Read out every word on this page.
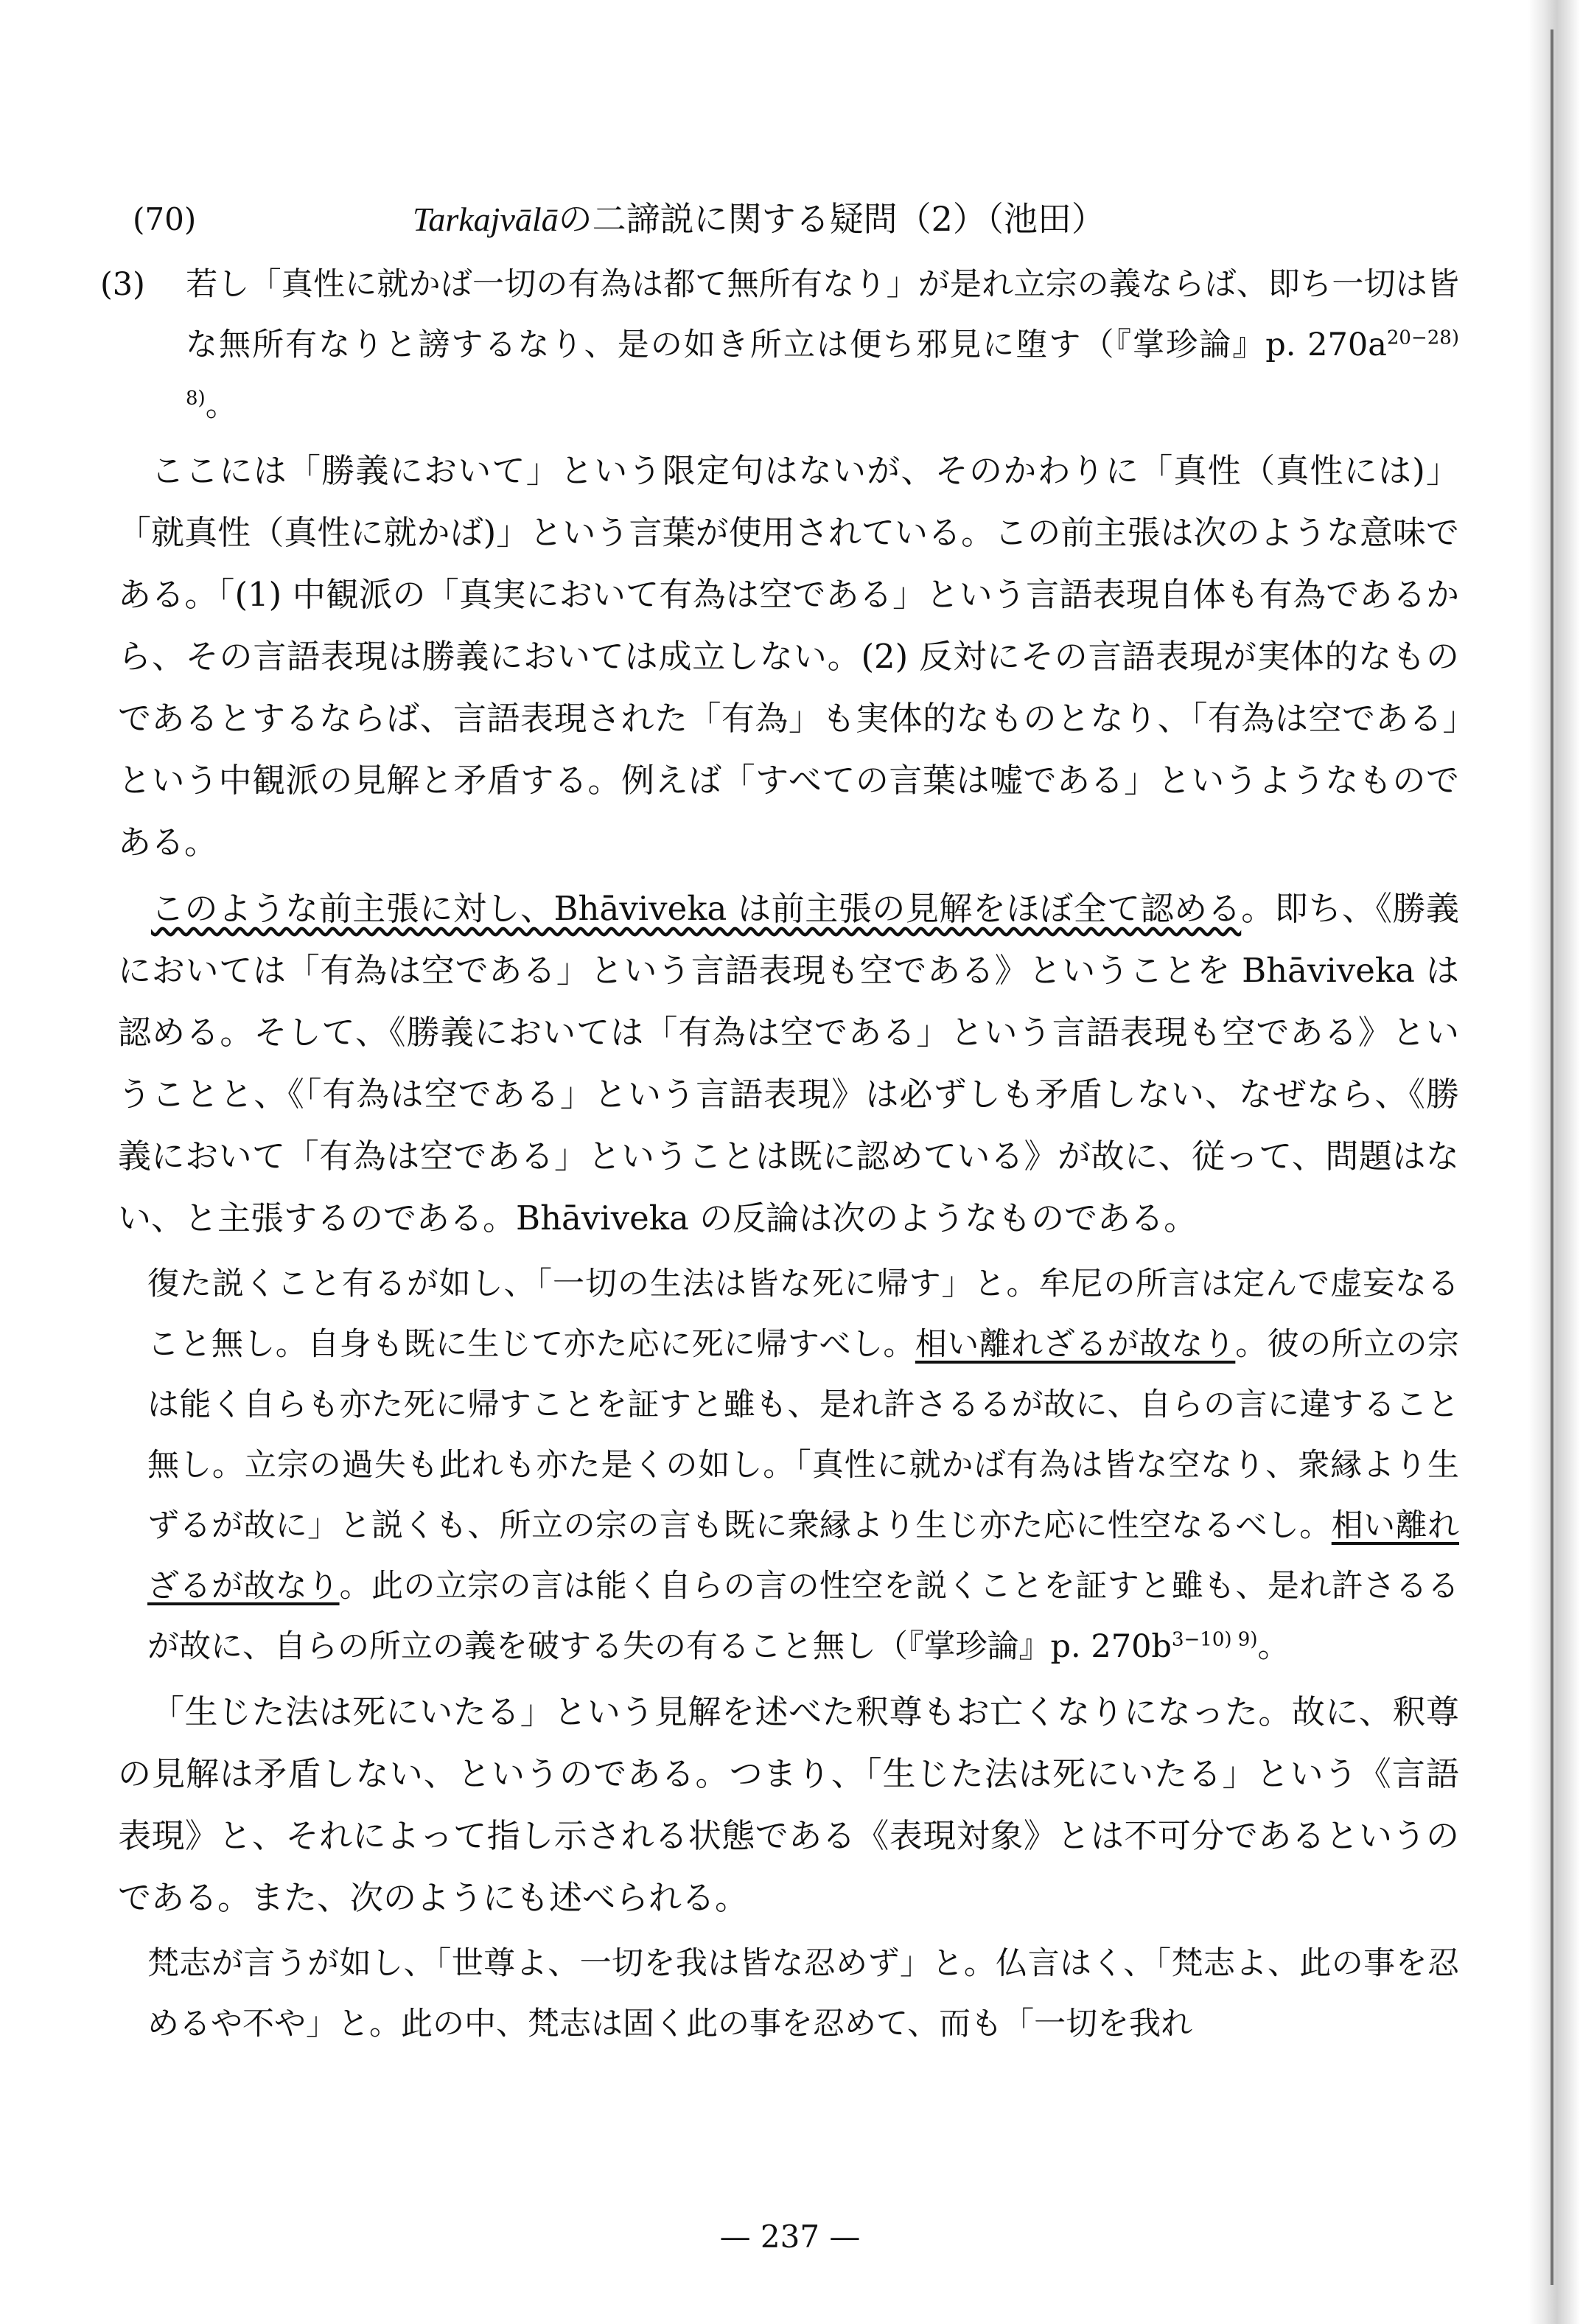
(70)	Tarkajvālāの二諦説に関する疑問（2）（池田）

(3) 若し「真性に就かば一切の有為は都て無所有なり」が是れ立宗の義ならば、即ち一切は皆な無所有なりと謗するなり、是の如き所立は便ち邪見に堕す（『掌珍論』p. $270a^{20-28) 8)}$。

ここには「勝義において」という限定句はないが、そのかわりに「真性（真性には)」「就真性（真性に就かば)」という言葉が使用されている。この前主張は次のような意味である。「(1) 中観派の「真実において有為は空である」という言語表現自体も有為であるから、その言語表現は勝義においては成立しない。(2) 反対にその言語表現が実体的なものであるとするならば、言語表現された「有為」も実体的なものとなり、「有為は空である」という中観派の見解と矛盾する。例えば「すべての言葉は嘘である」というようなものである。

このような前主張に対し、Bhāviveka は前主張の見解をほぼ全て認める。即ち、《勝義においては「有為は空である」という言語表現も空である》ということを Bhāviveka は認める。そして、《勝義においては「有為は空である」という言語表現も空である》ということと、《「有為は空である」という言語表現》は必ずしも矛盾しない、なぜなら、《勝義において「有為は空である」ということは既に認めている》が故に、従って、問題はない、と主張するのである。Bhāviveka の反論は次のようなものである。

復た説くこと有るが如し、「一切の生法は皆な死に帰す」と。牟尼の所言は定んで虚妄なること無し。自身も既に生じて亦た応に死に帰すべし。相い離れざるが故なり。彼の所立の宗は能く自らも亦た死に帰すことを証すと雖も、是れ許さるるが故に、自らの言に違すること無し。立宗の過失も此れも亦た是くの如し。「真性に就かば有為は皆な空なり、衆縁より生ずるが故に」と説くも、所立の宗の言も既に衆縁より生じ亦た応に性空なるべし。相い離れざるが故なり。此の立宗の言は能く自らの言の性空を説くことを証すと雖も、是れ許さるるが故に、自らの所立の義を破する失の有ること無し（『掌珍論』p. $270b^{3-10) 9)}$。

「生じた法は死にいたる」という見解を述べた釈尊もお亡くなりになった。故に、釈尊の見解は矛盾しない、というのである。つまり、「生じた法は死にいたる」という《言語表現》と、それによって指し示される状態である《表現対象》とは不可分であるというのである。また、次のようにも述べられる。

梵志が言うが如し、「世尊よ、一切を我は皆な忍めず」と。仏言はく、「梵志よ、此の事を忍めるや不や」と。此の中、梵志は固く此の事を忍めて、而も「一切を我れ

— 237 —
